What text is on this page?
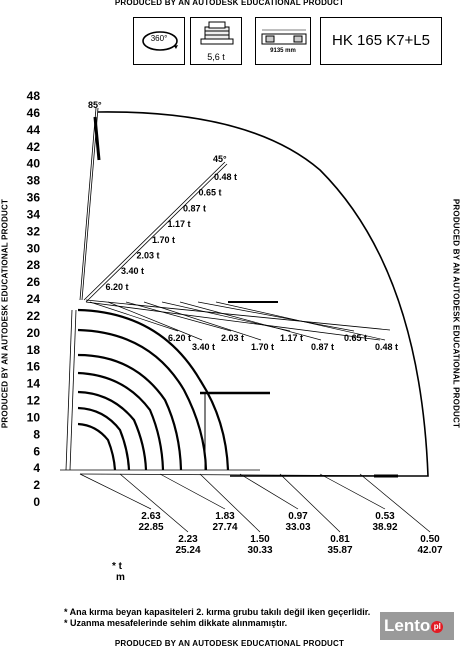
PRODUCED BY AN AUTODESK EDUCATIONAL PRODUCT
PRODUCED BY AN AUTODESK EDUCATIONAL PRODUCT
PRODUCED BY AN AUTODESK EDUCATIONAL PRODUCT	PRODUCED BY AN AUTODESK EDUCATIONAL PRODUCT
360°
5,6 t
9135 mm
HK 165 K7+L5
48
46
44
42
40
38
36
34
32
30
28
26
24
22
20
18
16
14
12
10
8
6
4
2
0
85°
45°
0.48 t
0.65 t
0.87 t
1.17 t
1.70 t
2.03 t
3.40 t
6.20 t
6.20 t
3.40 t
2.03 t
1.70 t
1.17 t
0.87 t
0.65 t
0.48 t
2.63
22.85
2.23
25.24
1.83
27.74
1.50
30.33
0.97
33.03
0.81
35.87
0.53
38.92
0.50
42.07
* t
m
* Ana kırma beyan kapasiteleri 2. kırma grubu takılı değil iken geçerlidir.
* Uzanma mesafelerinde sehim dikkate alınmamıştır.	Lento pl
